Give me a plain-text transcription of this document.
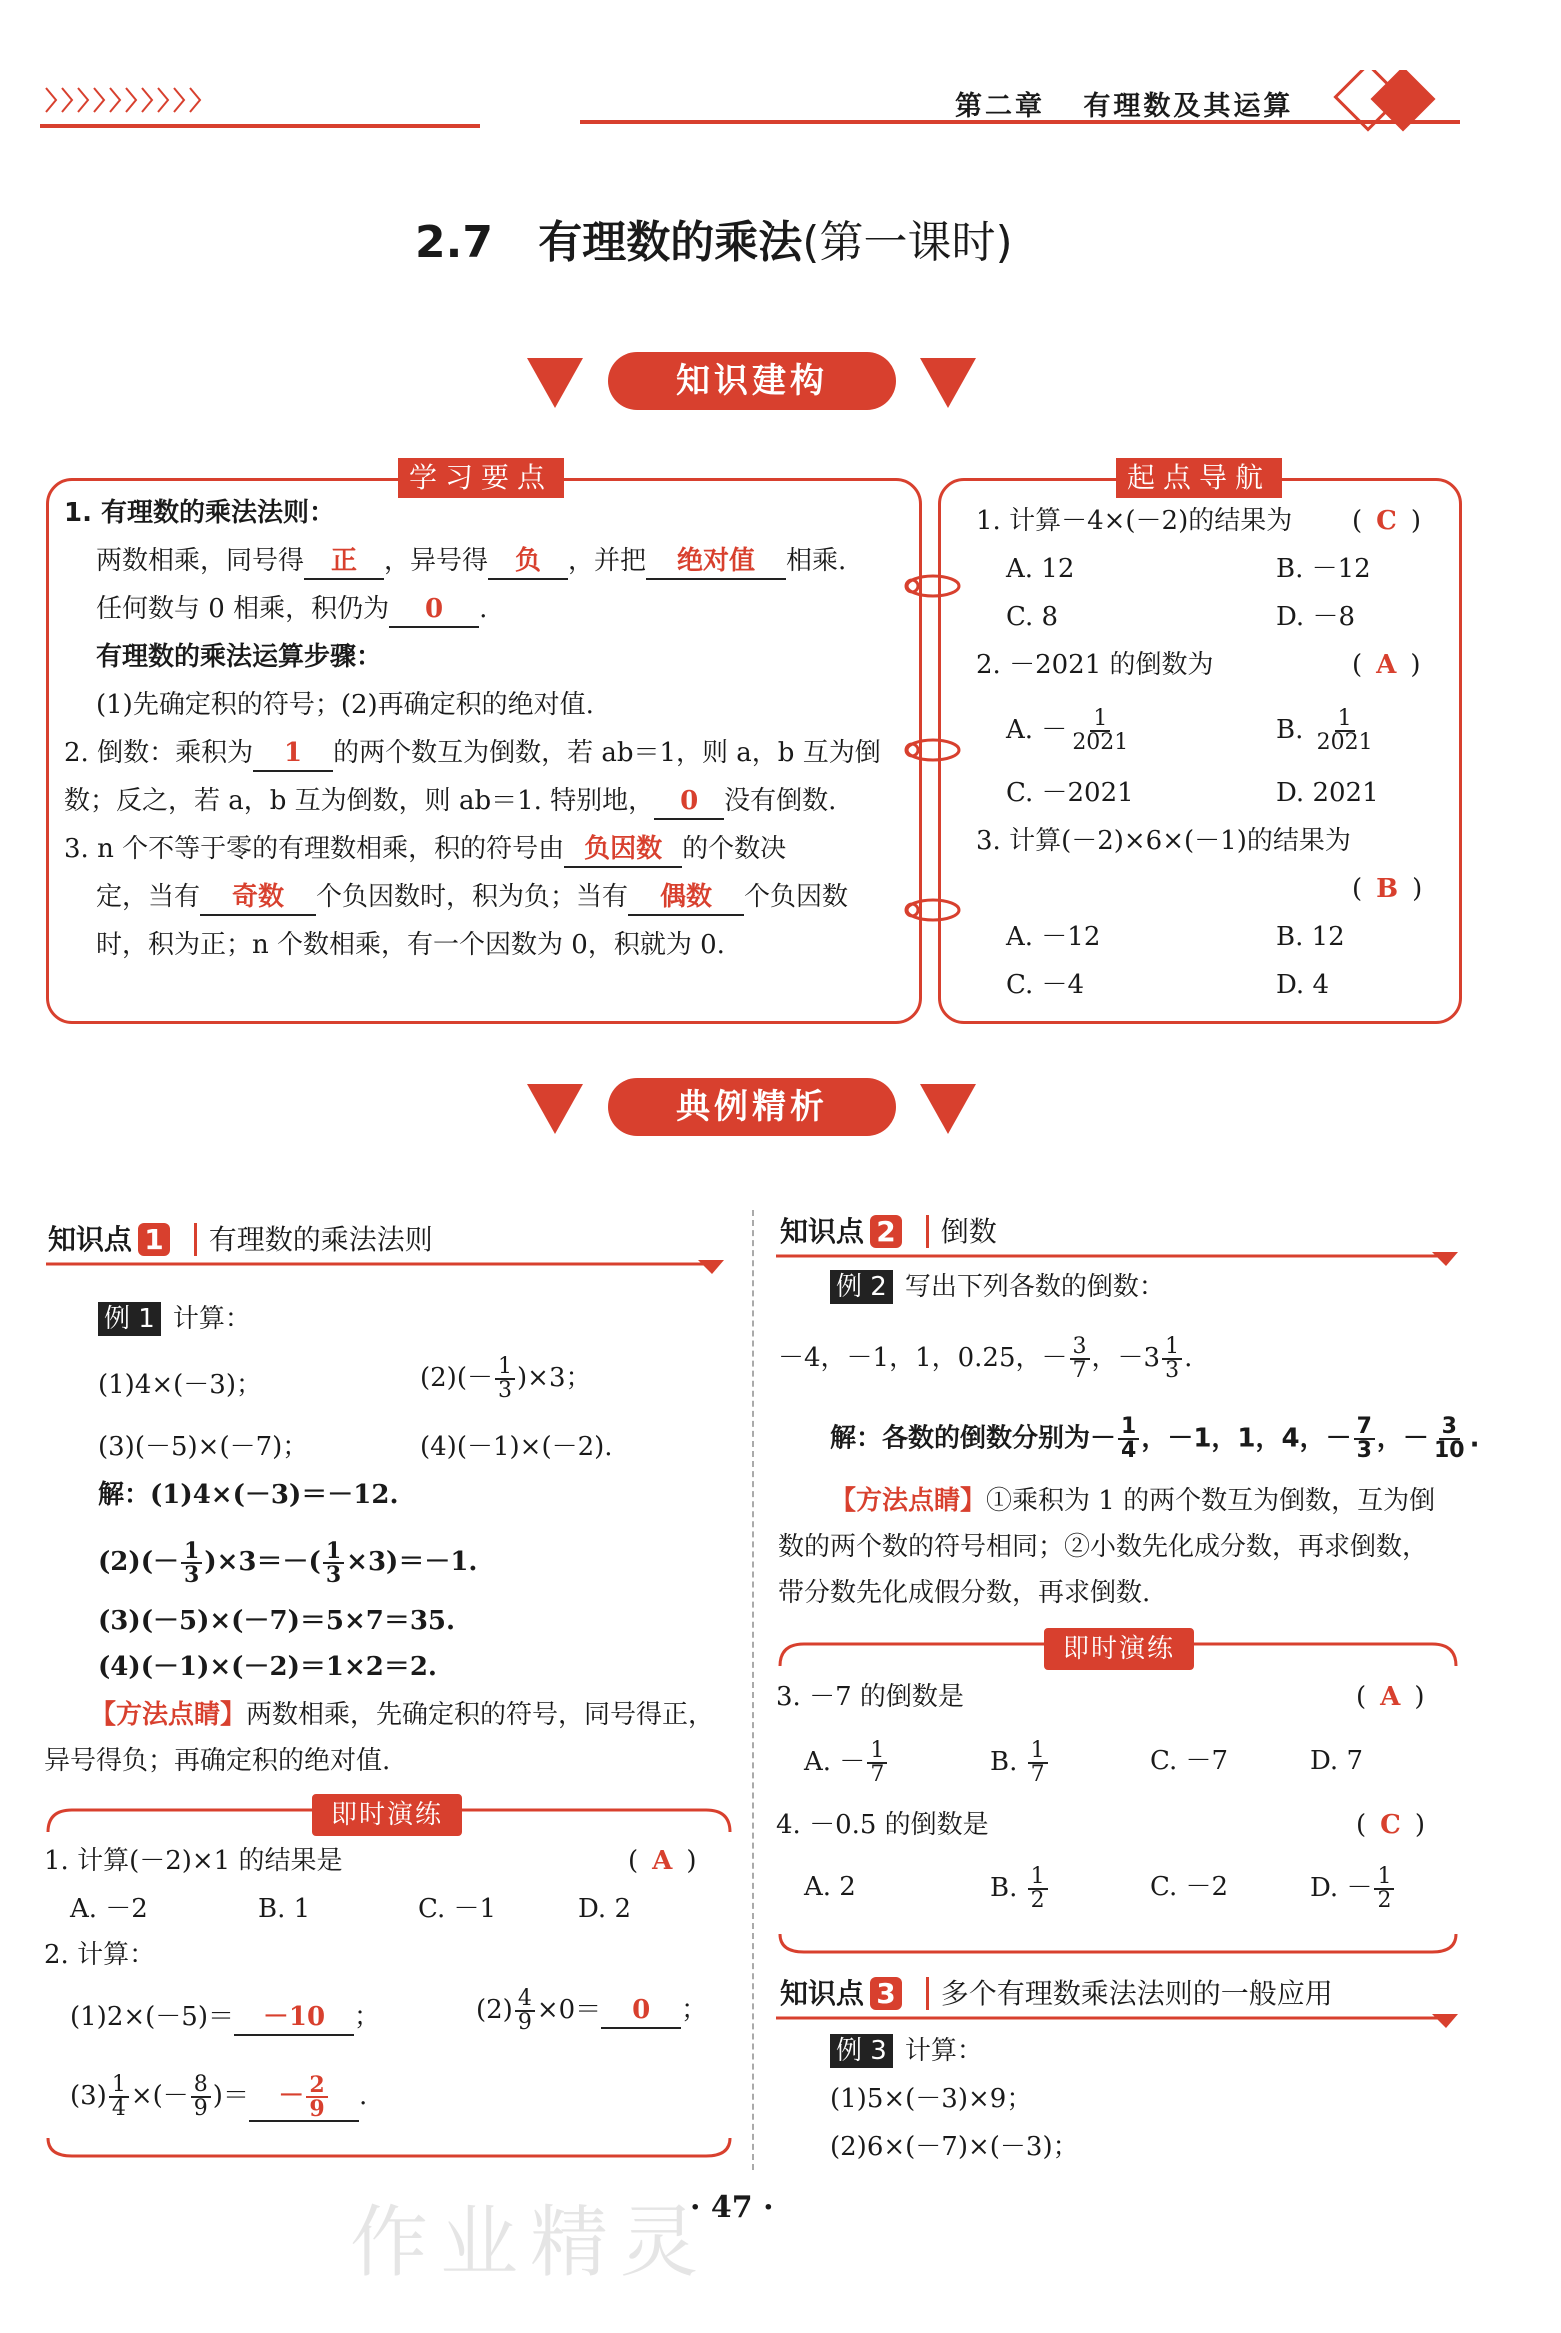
第二章 有理数及其运算
2.7 有理数的乘法(第一课时)
知识建构
学习要点
1. 有理数的乘法法则：
两数相乘，同号得 正 ，异号得 负 ，并把 绝对值 相乘.
任何数与 0 相乘，积仍为 0 .
有理数的乘法运算步骤：
(1)先确定积的符号；(2)再确定积的绝对值.
2. 倒数：乘积为 1 的两个数互为倒数，若 ab＝1，则 a，b 互为倒
数；反之，若 a，b 互为倒数，则 ab＝1. 特别地， 0 没有倒数.
3. n 个不等于零的有理数相乘，积的符号由 负因数 的个数决
定，当有 奇数 个负因数时，积为负；当有 偶数 个负因数
时，积为正；n 个数相乘，有一个因数为 0，积就为 0.
起点导航
1. 计算－4×(－2)的结果为 ( C )
A. 12	B. －12
C. 8	D. －8
2. －2021 的倒数为	( A )
A. － $\frac{1}{2021}$	B. $\frac{1}{2021}$
C. －2021	D. 2021
3. 计算(－2)×6×(－1)的结果为
( B )
A. －12	B. 12
C. －4	D. 4
典例精析
知识点 1 有理数的乘法法则
例 1 计算：
(1)4×(－3)；	$(2)(- \frac{1}{3} )\times 3$；
(3)(－5)×(－7)；	(4)(－1)×(－2).
解：(1)4×(－3)＝－12.
$(2)(- \frac{1}{3} )\times 3=-( \frac{1}{3} \times 3)=-1$.
(3)(－5)×(－7)＝5×7＝35.
(4)(－1)×(－2)＝1×2＝2.
【方法点睛】两数相乘，先确定积的符号，同号得正，
异号得负；再确定积的绝对值.
即时演练
1. 计算(－2)×1 的结果是	( A )
A. －2	B. 1	C. －1	D. 2
2. 计算：
(1)2×(－5)＝ －10 ；	$(2) \frac{4}{9} \times 0= 0$ ；
$(3) \frac{1}{4}$ ×(－ $\frac{8}{9}$ )＝ － $\frac{2}{9}$ .
知识点 2 倒数
例 2 写出下列各数的倒数：
－4，－1，1，0.25，－ $\frac{3}{7}$ ，$-3 \frac{1}{3}$ .
解：各数的倒数分别为－ $\frac{1}{4}$ ，－1，1，4，－ $\frac{7}{3}$ ，－ $\frac{3}{10}$ .
【方法点睛】①乘积为 1 的两个数互为倒数，互为倒
数的两个数的符号相同；②小数先化成分数，再求倒数，
带分数先化成假分数，再求倒数.
即时演练
3. －7 的倒数是	( A )
A. － $\frac{1}{7}$	B. $\frac{1}{7}$	C. －7	D. 7
4. －0.5 的倒数是	( C )
A. 2	B. $\frac{1}{2}$	C. －2	D. － $\frac{1}{2}$
知识点 3 多个有理数乘法法则的一般应用
例 3 计算：
(1)5×(－3)×9；
(2)6×(－7)×(－3)；
· 47 ·
作业精灵
